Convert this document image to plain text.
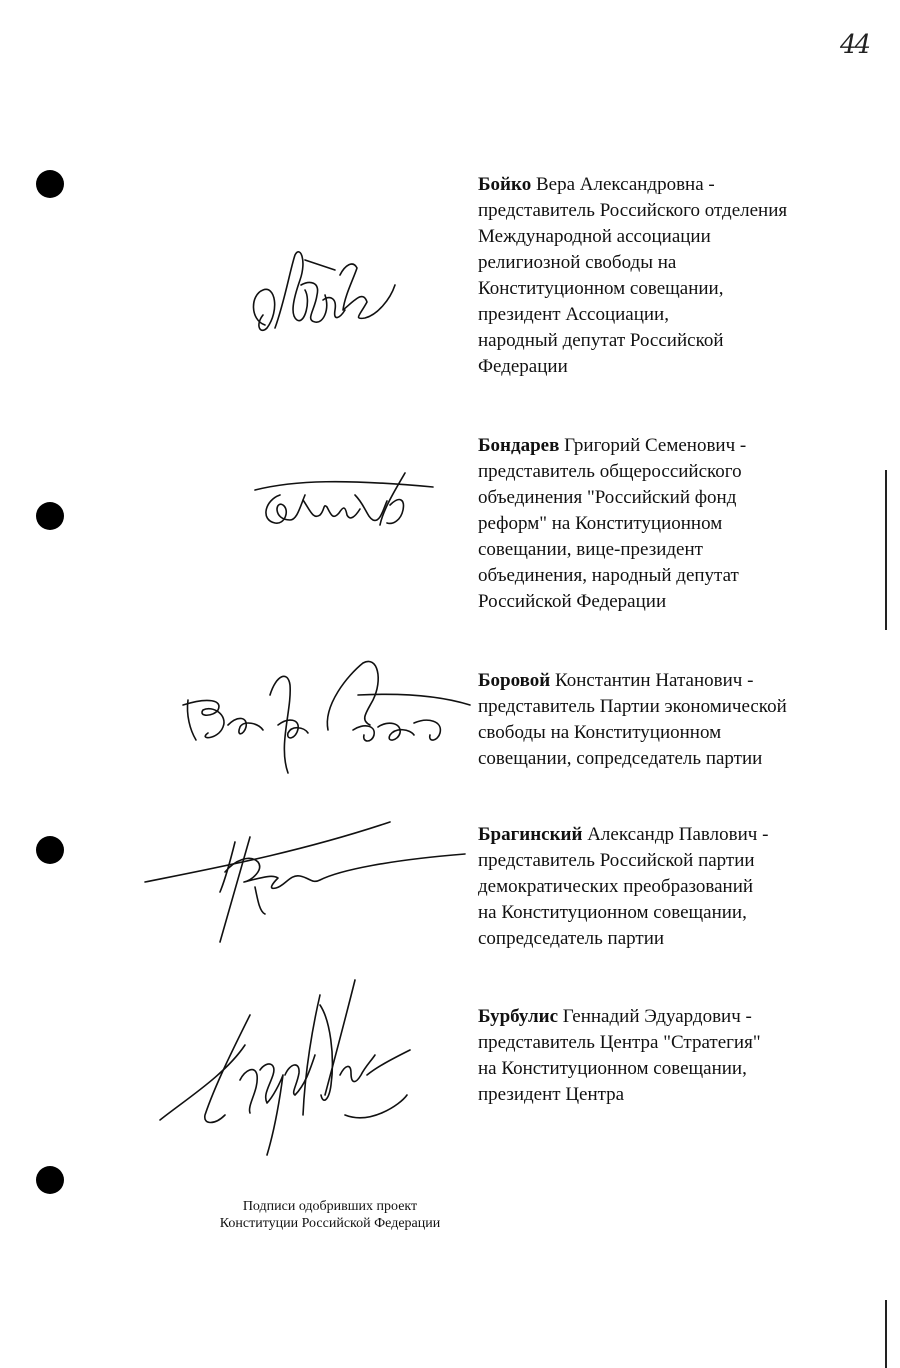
44
Бойко Вера Александровна -
представитель Российского отделения
Международной ассоциации
религиозной свободы на
Конституционном совещании,
президент Ассоциации,
народный депутат Российской
Федерации
Бондарев Григорий Семенович -
представитель общероссийского
объединения "Российский фонд
реформ" на Конституционном
совещании, вице-президент
объединения, народный депутат
Российской Федерации
Боровой Константин Натанович -
представитель Партии экономической
свободы на Конституционном
совещании, сопредседатель партии
Брагинский Александр Павлович -
представитель Российской партии
демократических преобразований
на Конституционном совещании,
сопредседатель партии
Бурбулис Геннадий Эдуардович -
представитель Центра "Стратегия"
на Конституционном совещании,
президент Центра
Подписи одобривших проект
Конституции Российской Федерации
